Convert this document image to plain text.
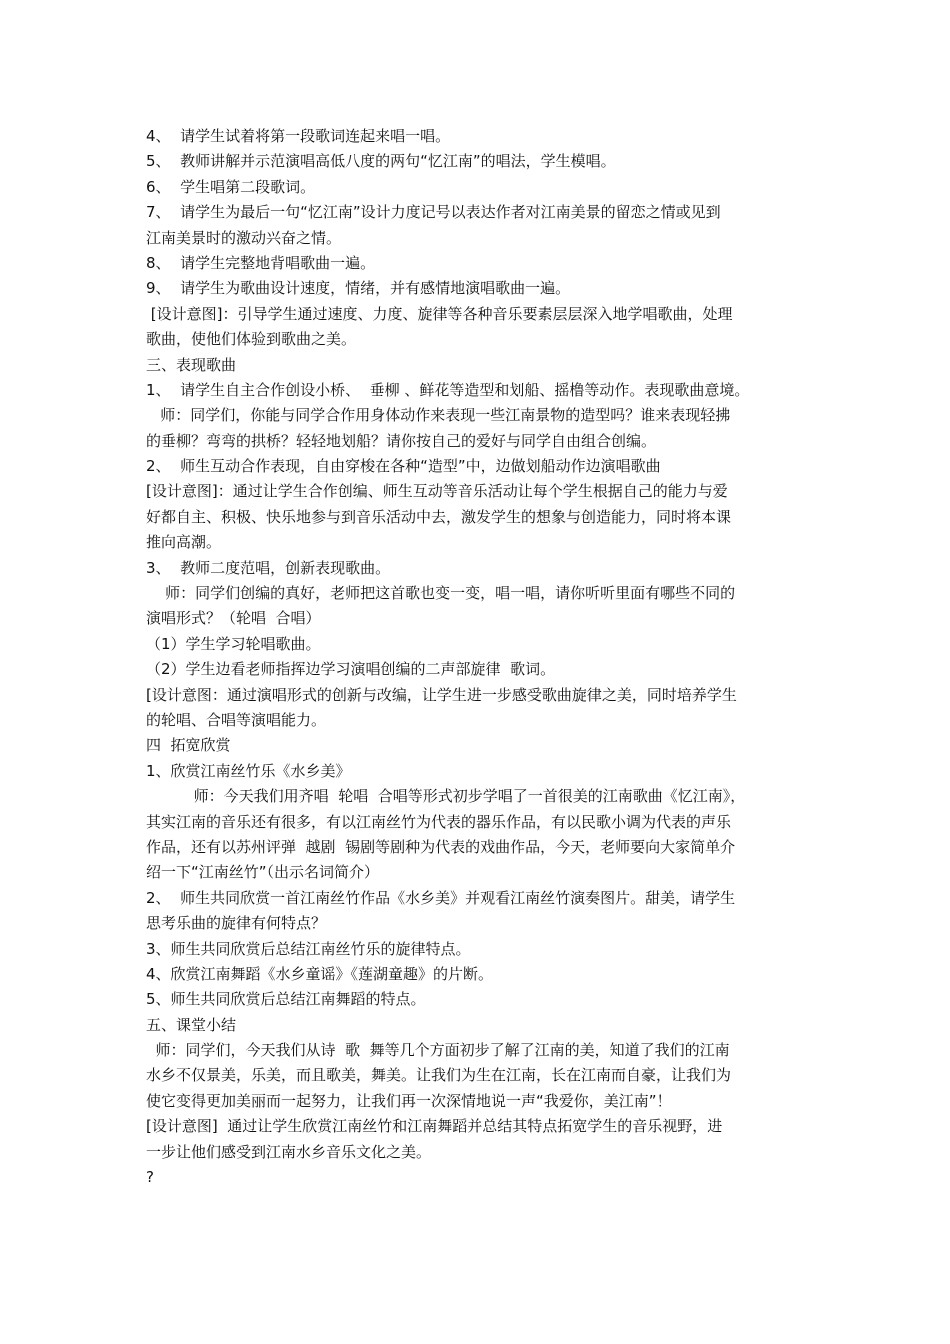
4、  请学生试着将第一段歌词连起来唱一唱。
5、  教师讲解并示范演唱高低八度的两句“忆江南”的唱法，学生模唱。
6、  学生唱第二段歌词。
7、  请学生为最后一句“忆江南”设计力度记号以表达作者对江南美景的留恋之情或见到
江南美景时的激动兴奋之情。
8、  请学生完整地背唱歌曲一遍。
9、  请学生为歌曲设计速度，情绪，并有感情地演唱歌曲一遍。
[设计意图]：引导学生通过速度、力度、旋律等各种音乐要素层层深入地学唱歌曲，处理
歌曲，使他们体验到歌曲之美。
三、表现歌曲
1、  请学生自主合作创设小桥、  垂柳 、鲜花等造型和划船、摇橹等动作。表现歌曲意境。
师：同学们，你能与同学合作用身体动作来表现一些江南景物的造型吗？谁来表现轻拂
的垂柳？弯弯的拱桥？轻轻地划船？请你按自己的爱好与同学自由组合创编。
2、  师生互动合作表现，自由穿梭在各种“造型”中，边做划船动作边演唱歌曲
[设计意图]：通过让学生合作创编、师生互动等音乐活动让每个学生根据自己的能力与爱
好都自主、积极、快乐地参与到音乐活动中去，激发学生的想象与创造能力，同时将本课
推向高潮。
3、  教师二度范唱，创新表现歌曲。
师：同学们创编的真好，老师把这首歌也变一变，唱一唱，请你听听里面有哪些不同的
演唱形式？（轮唱  合唱）
（1）学生学习轮唱歌曲。
（2）学生边看老师指挥边学习演唱创编的二声部旋律  歌词。
[设计意图：通过演唱形式的创新与改编，让学生进一步感受歌曲旋律之美，同时培养学生
的轮唱、合唱等演唱能力。
四  拓宽欣赏
1、欣赏江南丝竹乐《水乡美》
师：今天我们用齐唱  轮唱  合唱等形式初步学唱了一首很美的江南歌曲《忆江南》，
其实江南的音乐还有很多，有以江南丝竹为代表的器乐作品，有以民歌小调为代表的声乐
作品，还有以苏州评弹  越剧  锡剧等剧种为代表的戏曲作品，今天，老师要向大家简单介
绍一下“江南丝竹”（出示名词简介）
2、  师生共同欣赏一首江南丝竹作品《水乡美》并观看江南丝竹演奏图片。甜美，请学生
思考乐曲的旋律有何特点？
3、师生共同欣赏后总结江南丝竹乐的旋律特点。
4、欣赏江南舞蹈《水乡童谣》《莲湖童趣》的片断。
5、师生共同欣赏后总结江南舞蹈的特点。
五、课堂小结
师：同学们，今天我们从诗  歌  舞等几个方面初步了解了江南的美，知道了我们的江南
水乡不仅景美，乐美，而且歌美，舞美。让我们为生在江南，长在江南而自豪，让我们为
使它变得更加美丽而一起努力，让我们再一次深情地说一声“我爱你，美江南”！
[设计意图]  通过让学生欣赏江南丝竹和江南舞蹈并总结其特点拓宽学生的音乐视野，进
一步让他们感受到江南水乡音乐文化之美。
?
